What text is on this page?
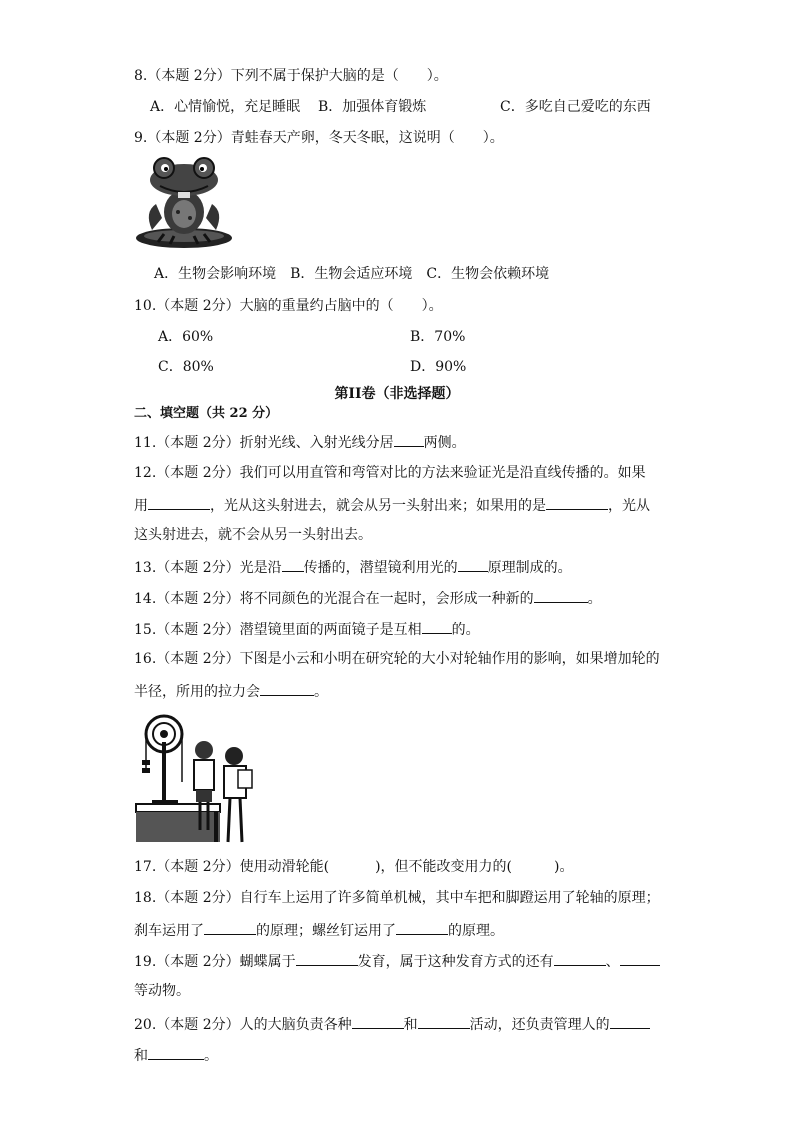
8.（本题 2分）下列不属于保护大脑的是（　　）。
A．心情愉悦，充足睡眠 B．加强体育锻炼	C．多吃自己爱吃的东西
9.（本题 2分）青蛙春天产卵，冬天冬眠，这说明（　　）。
A．生物会影响环境　B．生物会适应环境　C．生物会依赖环境
10.（本题 2分）大脑的重量约占脑中的（　　）。
A．60%	B．70%
C．80%	D．90%
第II卷（非选择题）
二、填空题（共 22 分）
11.（本题 2分）折射光线、入射光线分居 两侧。
12.（本题 2分）我们可以用直管和弯管对比的方法来验证光是沿直线传播的。如果
用	，光从这头射进去，就会从另一头射出来；如果用的是	，光从
这头射进去，就不会从另一头射出去。
13.（本题 2分）光是沿 传播的，潜望镜利用光的 原理制成的。
14.（本题 2分）将不同颜色的光混合在一起时，会形成一种新的	。
15.（本题 2分）潜望镜里面的两面镜子是互相 的。
16.（本题 2分）下图是小云和小明在研究轮的大小对轮轴作用的影响，如果增加轮的
半径，所用的拉力会	。
17.（本题 2分）使用动滑轮能(	)，但不能改变用力的(	)。
18.（本题 2分）自行车上运用了许多简单机械，其中车把和脚蹬运用了轮轴的原理；
刹车运用了	的原理；螺丝钉运用了	的原理。
19.（本题 2分）蝴蝶属于	发育，属于这种发育方式的还有	、
等动物。
20.（本题 2分）人的大脑负责各种	和	活动，还负责管理人的
和	。
